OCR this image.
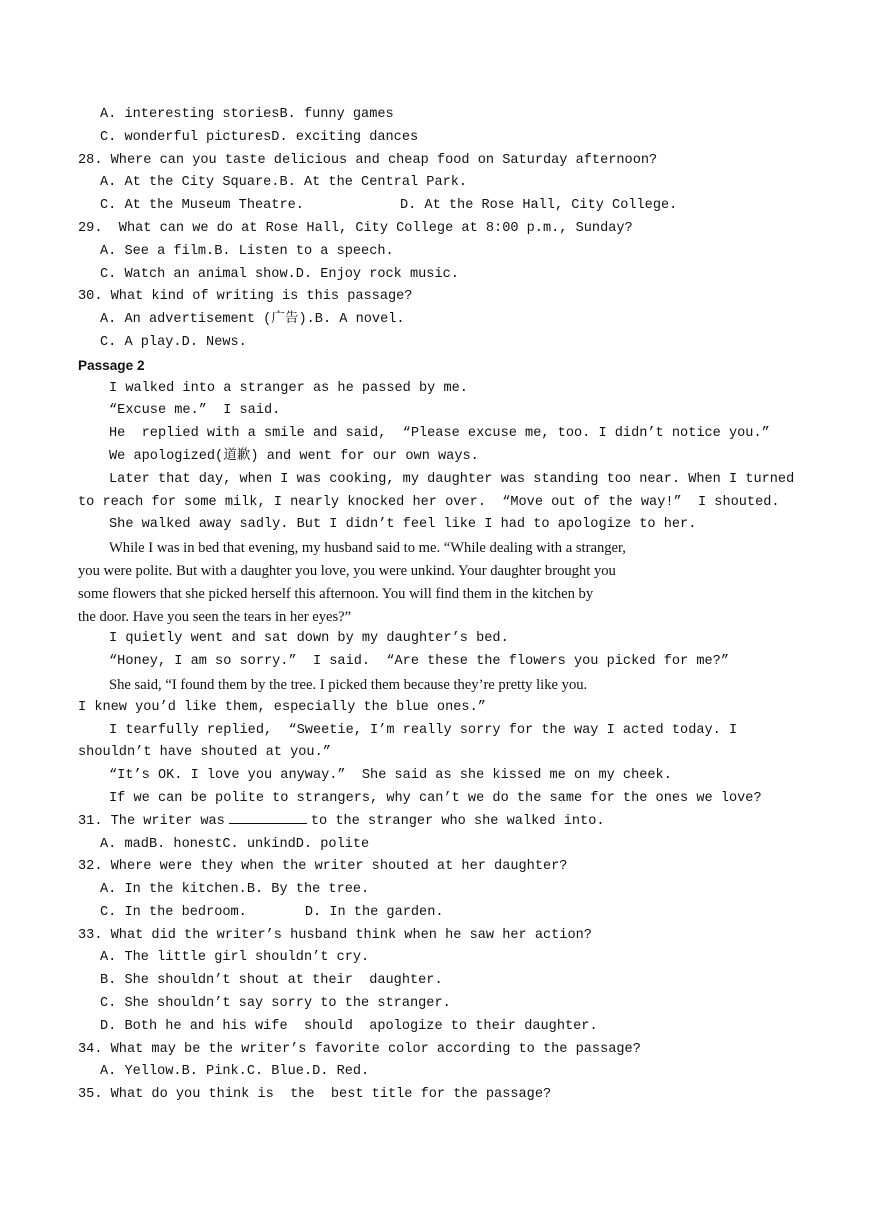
A. interesting storiesB. funny games
C. wonderful picturesD. exciting dances
28. Where can you taste delicious and cheap food on Saturday afternoon?
A. At the City Square.B. At the Central Park.
C. At the Museum Theatre.	D. At the Rose Hall, City College.
29.  What can we do at Rose Hall, City College at 8:00 p.m., Sunday?
A. See a film.B. Listen to a speech.
C. Watch an animal show.D. Enjoy rock music.
30. What kind of writing is this passage?
A. An advertisement (广告).B. A novel.
C. A play.D. News.
Passage 2
I walked into a stranger as he passed by me.
“Excuse me.”  I said.
He  replied with a smile and said,  “Please excuse me, too. I didn’t notice you.”
We apologized(道歉) and went for our own ways.
Later that day, when I was cooking, my daughter was standing too near. When I turned
to reach for some milk, I nearly knocked her over.  “Move out of the way!”  I shouted.
She walked away sadly. But I didn’t feel like I had to apologize to her.
While I was in bed that evening, my husband said to me. “While dealing with a stranger,
you were polite. But with a daughter you love, you were unkind. Your daughter brought you
some flowers that she picked herself this afternoon. You will find them in the kitchen by
the door. Have you seen the tears in her eyes?”
I quietly went and sat down by my daughter’s bed.
“Honey, I am so sorry.”  I said.  “Are these the flowers you picked for me?”
She said, “I found them by the tree. I picked them because they’re pretty like you.
I knew you’d like them, especially the blue ones.”
I tearfully replied,  “Sweetie, I’m really sorry for the way I acted today. I
shouldn’t have shouted at you.”
“It’s OK. I love you anyway.”  She said as she kissed me on my cheek.
If we can be polite to strangers, why can’t we do the same for the ones we love?
31. The writer was	to the stranger who she walked into.
A. madB. honestC. unkindD. polite
32. Where were they when the writer shouted at her daughter?
A. In the kitchen.B. By the tree.
C. In the bedroom.	D. In the garden.
33. What did the writer’s husband think when he saw her action?
A. The little girl shouldn’t cry.
B. She shouldn’t shout at their  daughter.
C. She shouldn’t say sorry to the stranger.
D. Both he and his wife  should  apologize to their daughter.
34. What may be the writer’s favorite color according to the passage?
A. Yellow.B. Pink.C. Blue.D. Red.
35. What do you think is  the  best title for the passage?
